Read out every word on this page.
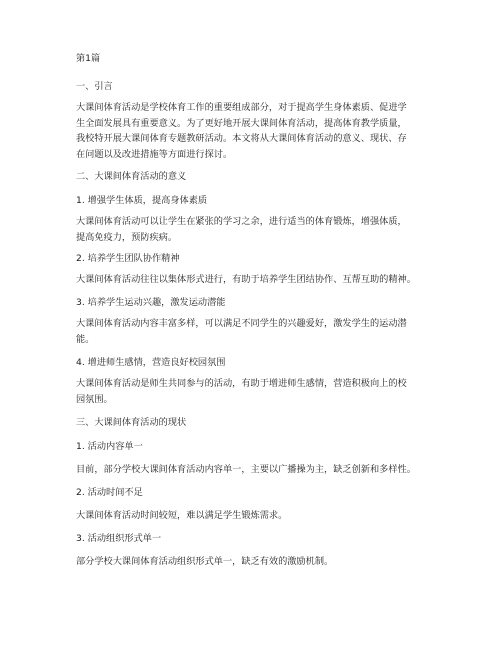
第1篇

一、引言

大课间体育活动是学校体育工作的重要组成部分，对于提高学生身体素质、促进学
生全面发展具有重要意义。为了更好地开展大课间体育活动，提高体育教学质量，
我校特开展大课间体育专题教研活动。本文将从大课间体育活动的意义、现状、存
在问题以及改进措施等方面进行探讨。

二、大课间体育活动的意义

1. 增强学生体质，提高身体素质

大课间体育活动可以让学生在紧张的学习之余，进行适当的体育锻炼，增强体质，
提高免疫力，预防疾病。

2. 培养学生团队协作精神

大课间体育活动往往以集体形式进行，有助于培养学生团结协作、互帮互助的精神。

3. 培养学生运动兴趣，激发运动潜能

大课间体育活动内容丰富多样，可以满足不同学生的兴趣爱好，激发学生的运动潜
能。

4. 增进师生感情，营造良好校园氛围

大课间体育活动是师生共同参与的活动，有助于增进师生感情，营造积极向上的校
园氛围。

三、大课间体育活动的现状

1. 活动内容单一

目前，部分学校大课间体育活动内容单一，主要以广播操为主，缺乏创新和多样性。

2. 活动时间不足

大课间体育活动时间较短，难以满足学生锻炼需求。

3. 活动组织形式单一

部分学校大课间体育活动组织形式单一，缺乏有效的激励机制。
